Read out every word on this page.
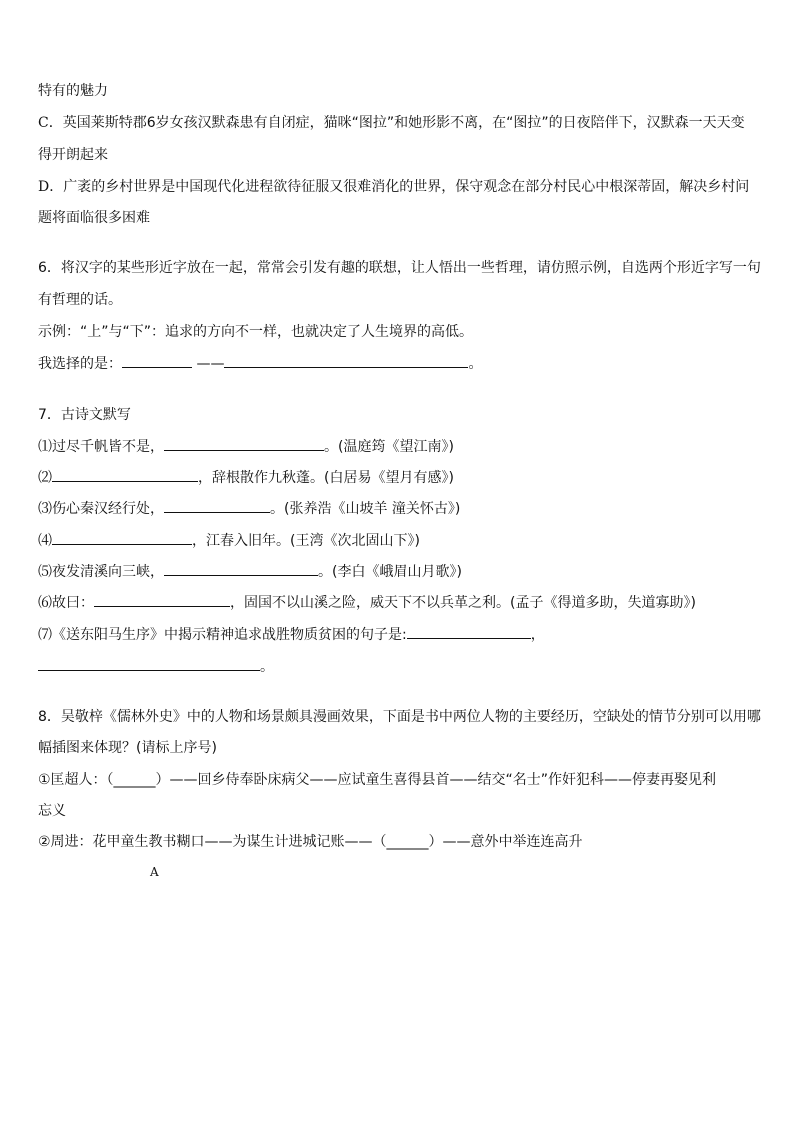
特有的魅力
C．英国莱斯特郡6岁女孩汉默森患有自闭症，猫咪“图拉”和她形影不离，在“图拉”的日夜陪伴下，汉默森一天天变
得开朗起来
D．广袤的乡村世界是中国现代化进程欲待征服又很难消化的世界，保守观念在部分村民心中根深蒂固，解决乡村问
题将面临很多困难
6．将汉字的某些形近字放在一起，常常会引发有趣的联想，让人悟出一些哲理，请仿照示例，自选两个形近字写一句
有哲理的话。
示例：“上”与“下”：追求的方向不一样，也就决定了人生境界的高低。
我选择的是：	——	。
7．古诗文默写
⑴过尽千帆皆不是，	。(温庭筠《望江南》)
⑵	，辞根散作九秋蓬。(白居易《望月有感》)
⑶伤心秦汉经行处，	。(张养浩《山坡羊 潼关怀古》)
⑷	，江春入旧年。(王湾《次北固山下》)
⑸夜发清溪向三峡，	。(李白《峨眉山月歌》)
⑹故曰：	，固国不以山溪之险，威天下不以兵革之利。(孟子《得道多助，失道寡助》)
⑺《送东阳马生序》中揭示精神追求战胜物质贫困的句子是:	，
。
8．吴敬梓《儒林外史》中的人物和场景颇具漫画效果，下面是书中两位人物的主要经历，空缺处的情节分别可以用哪
幅插图来体现？(请标上序号)
①匡超人：（______）——回乡侍奉卧床病父——应试童生喜得县首——结交“名士”作奸犯科——停妻再娶见利
忘义
②周进：花甲童生教书糊口——为谋生计进城记账——（______）——意外中举连连高升
A
